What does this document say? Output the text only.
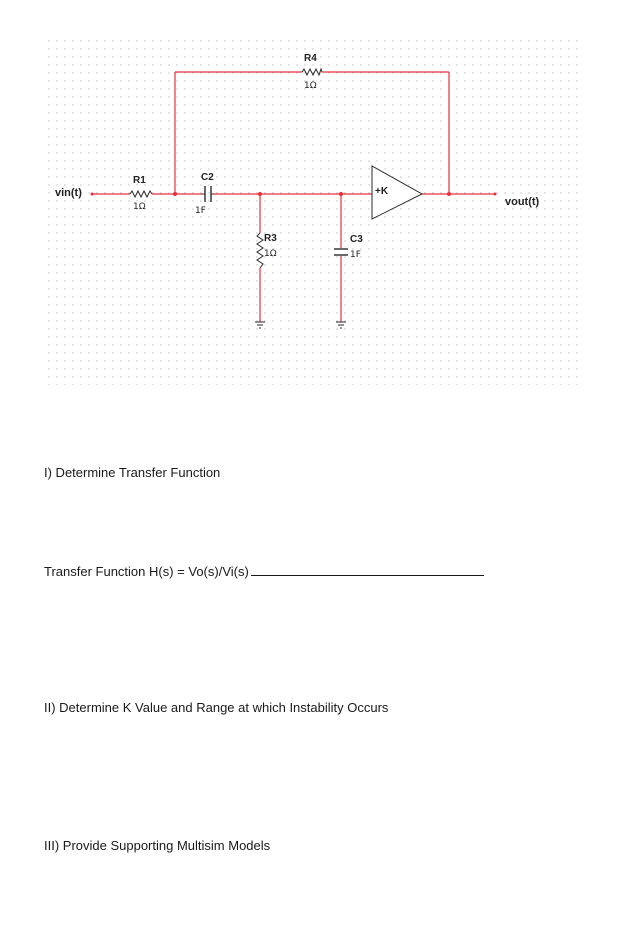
R1
1Ω
C2
1F
R4
1Ω
R3
1Ω
C3
1F
+K
vin(t)
vout(t)
I) Determine Transfer Function
Transfer Function H(s) = Vo(s)/Vi(s)
II) Determine K Value and Range at which Instability Occurs
III) Provide Supporting Multisim Models
